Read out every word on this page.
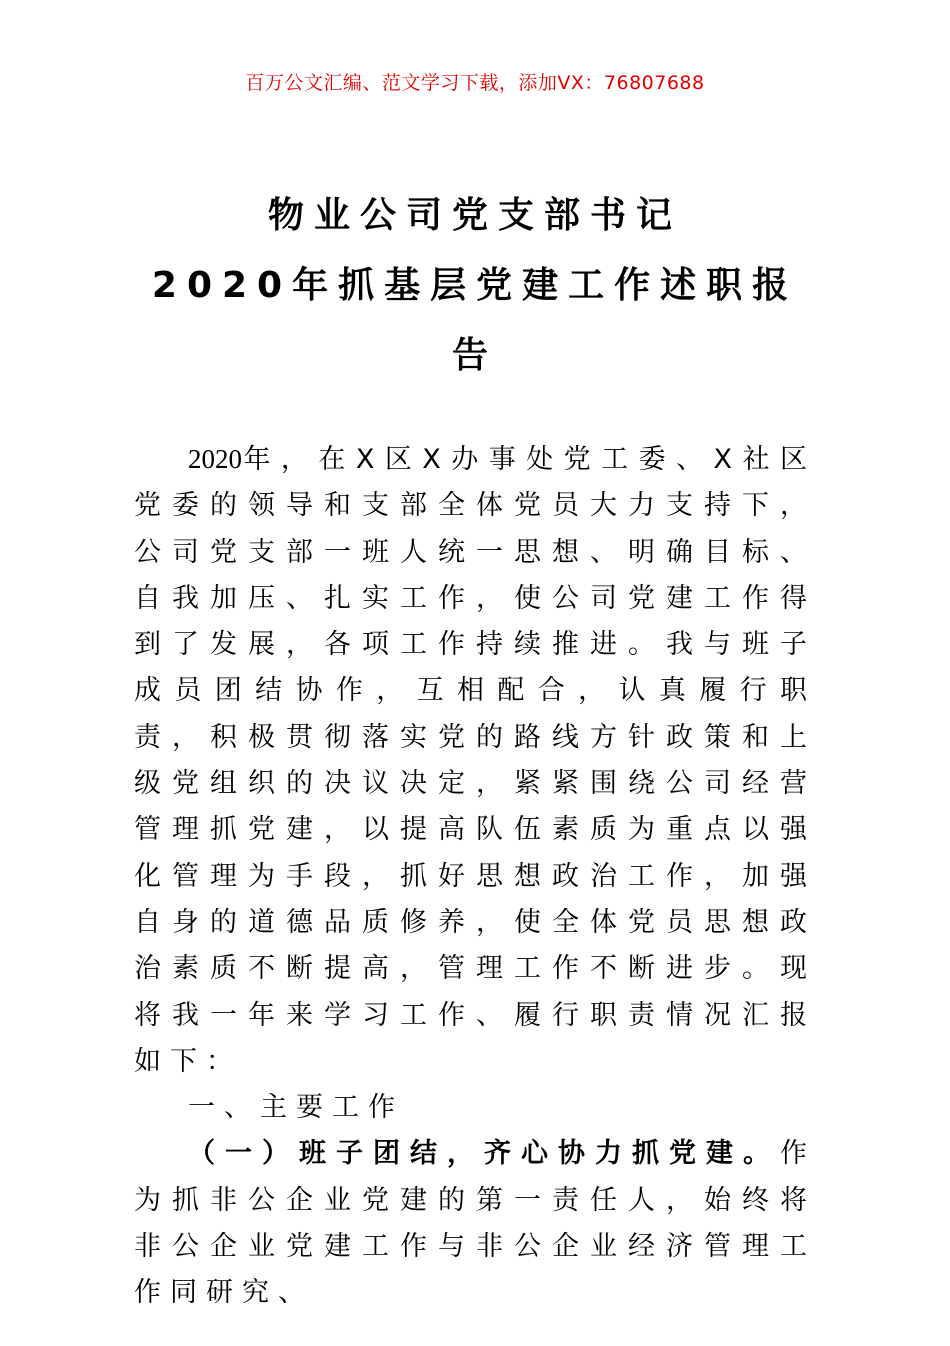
百万公文汇编、范文学习下载，添加VX：76807688
物业公司党支部书记
2020年抓基层党建工作述职报
告

2020年，在X区X办事处党工委、X社区党委的领导和支部全体党员大力支持下，公司党支部一班人统一思想、明确目标、自我加压、扎实工作，使公司党建工作得到了发展，各项工作持续推进。我与班子成员团结协作，互相配合，认真履行职责，积极贯彻落实党的路线方针政策和上级党组织的决议决定，紧紧围绕公司经营管理抓党建，以提高队伍素质为重点以强化管理为手段，抓好思想政治工作，加强自身的道德品质修养，使全体党员思想政治素质不断提高，管理工作不断进步。现将我一年来学习工作、履行职责情况汇报如下：

一、主要工作

（一）班子团结，齐心协力抓党建。作为抓非公企业党建的第一责任人，始终将非公企业党建工作与非公企业经济管理工作同研究、
